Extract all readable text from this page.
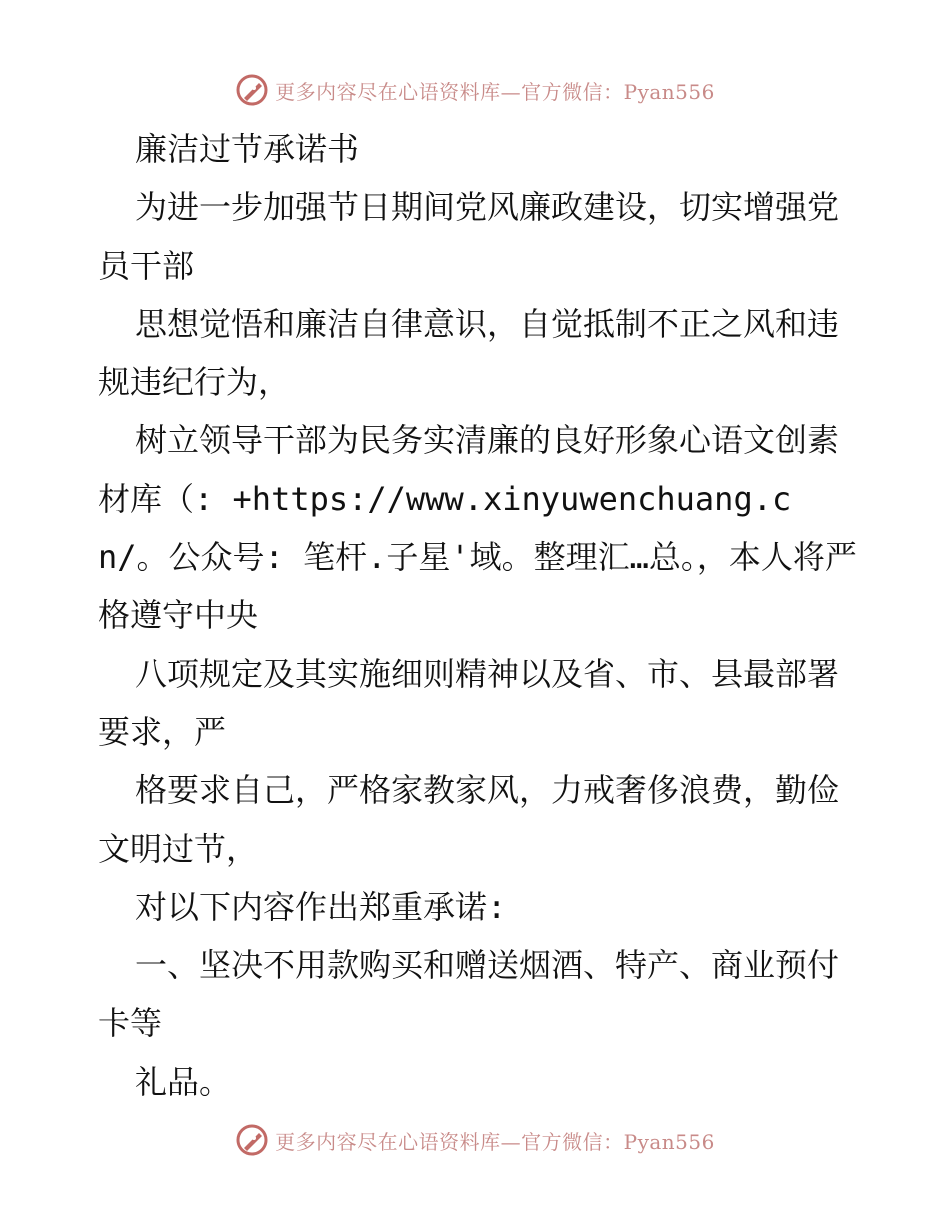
更多内容尽在心语资料库—官方微信：Pyan556

廉洁过节承诺书

为进一步加强节日期间党风廉政建设，切实增强党员干部

思想觉悟和廉洁自律意识，自觉抵制不正之风和违规违纪行为，

树立领导干部为民务实清廉的良好形象心语文创素材库（: +https://www.xinyuwenchuang.cn/。公众号: 笔杆.子星'域。整理汇…总。，本人将严格遵守中央

八项规定及其实施细则精神以及省、市、县最部署要求，严

格要求自己，严格家教家风，力戒奢侈浪费，勤俭文明过节，

对以下内容作出郑重承诺:

一、坚决不用款购买和赠送烟酒、特产、商业预付卡等

礼品。

更多内容尽在心语资料库—官方微信：Pyan556
